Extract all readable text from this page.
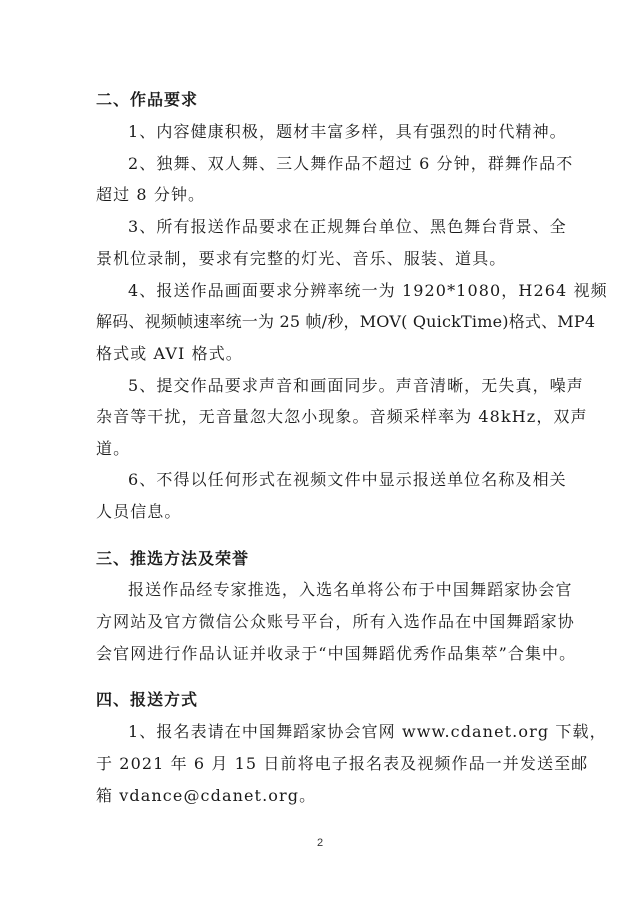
二、作品要求
1、内容健康积极，题材丰富多样，具有强烈的时代精神。
2、独舞、双人舞、三人舞作品不超过 6 分钟，群舞作品不
超过 8 分钟。
3、所有报送作品要求在正规舞台单位、黑色舞台背景、全
景机位录制，要求有完整的灯光、音乐、服装、道具。
4、报送作品画面要求分辨率统一为 1920*1080，H264 视频
解码、视频帧速率统一为 25 帧/秒，MOV( QuickTime)格式、MP4
格式或 AVI 格式。
5、提交作品要求声音和画面同步。声音清晰，无失真，噪声
杂音等干扰，无音量忽大忽小现象。音频采样率为 48kHz，双声
道。
6、不得以任何形式在视频文件中显示报送单位名称及相关
人员信息。
三、推选方法及荣誉
报送作品经专家推选，入选名单将公布于中国舞蹈家协会官
方网站及官方微信公众账号平台，所有入选作品在中国舞蹈家协
会官网进行作品认证并收录于“中国舞蹈优秀作品集萃”合集中。
四、报送方式
1、报名表请在中国舞蹈家协会官网 www.cdanet.org 下载，
于 2021 年 6 月 15 日前将电子报名表及视频作品一并发送至邮
箱 vdance@cdanet.org。
2
